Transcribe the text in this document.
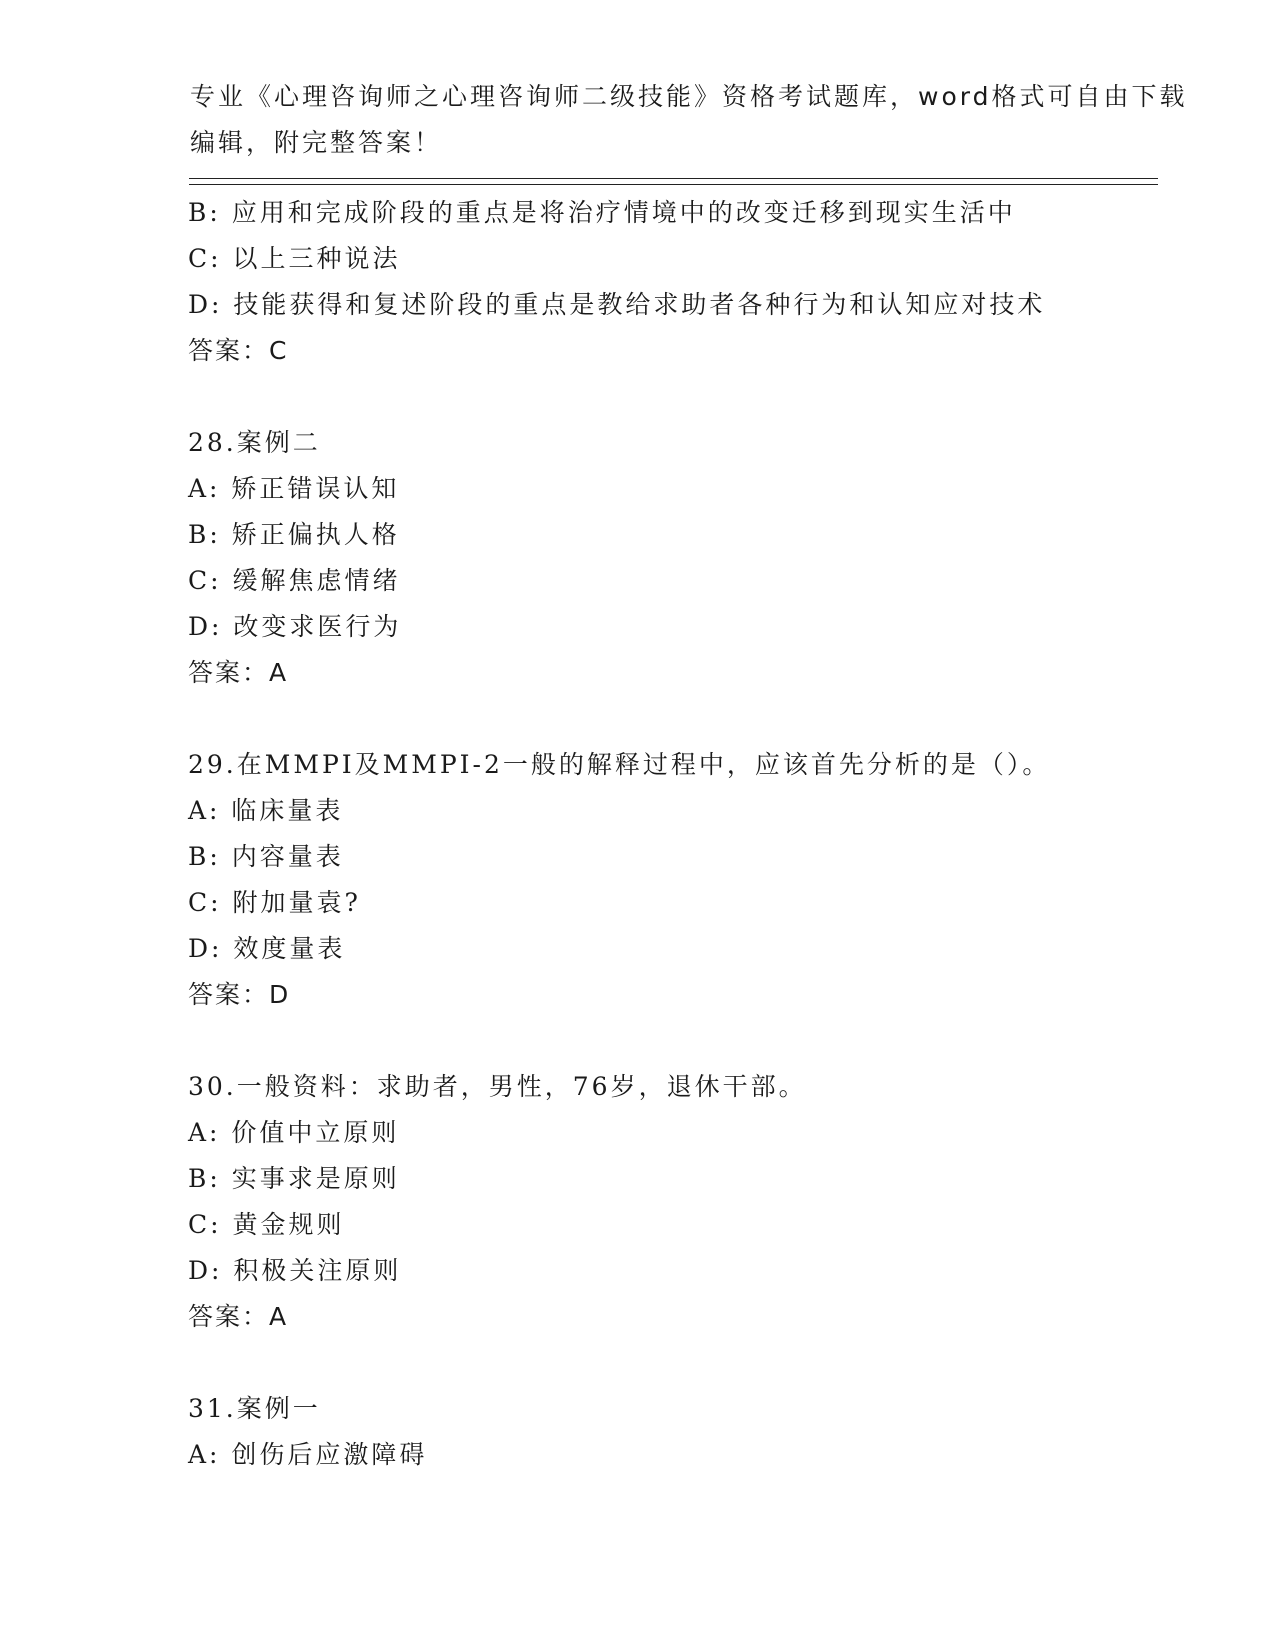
专业《心理咨询师之心理咨询师二级技能》资格考试题库，word格式可自由下载
编辑，附完整答案！
B: 应用和完成阶段的重点是将治疗情境中的改变迁移到现实生活中
C: 以上三种说法
D: 技能获得和复述阶段的重点是教给求助者各种行为和认知应对技术
答案：C
28.案例二
A: 矫正错误认知
B: 矫正偏执人格
C: 缓解焦虑情绪
D: 改变求医行为
答案：A
29.在MMPI及MMPI-2一般的解释过程中，应该首先分析的是（）。
A: 临床量表
B: 内容量表
C: 附加量袁?
D: 效度量表
答案：D
30.一般资料：求助者，男性，76岁，退休干部。
A: 价值中立原则
B: 实事求是原则
C: 黄金规则
D: 积极关注原则
答案：A
31.案例一
A: 创伤后应激障碍
